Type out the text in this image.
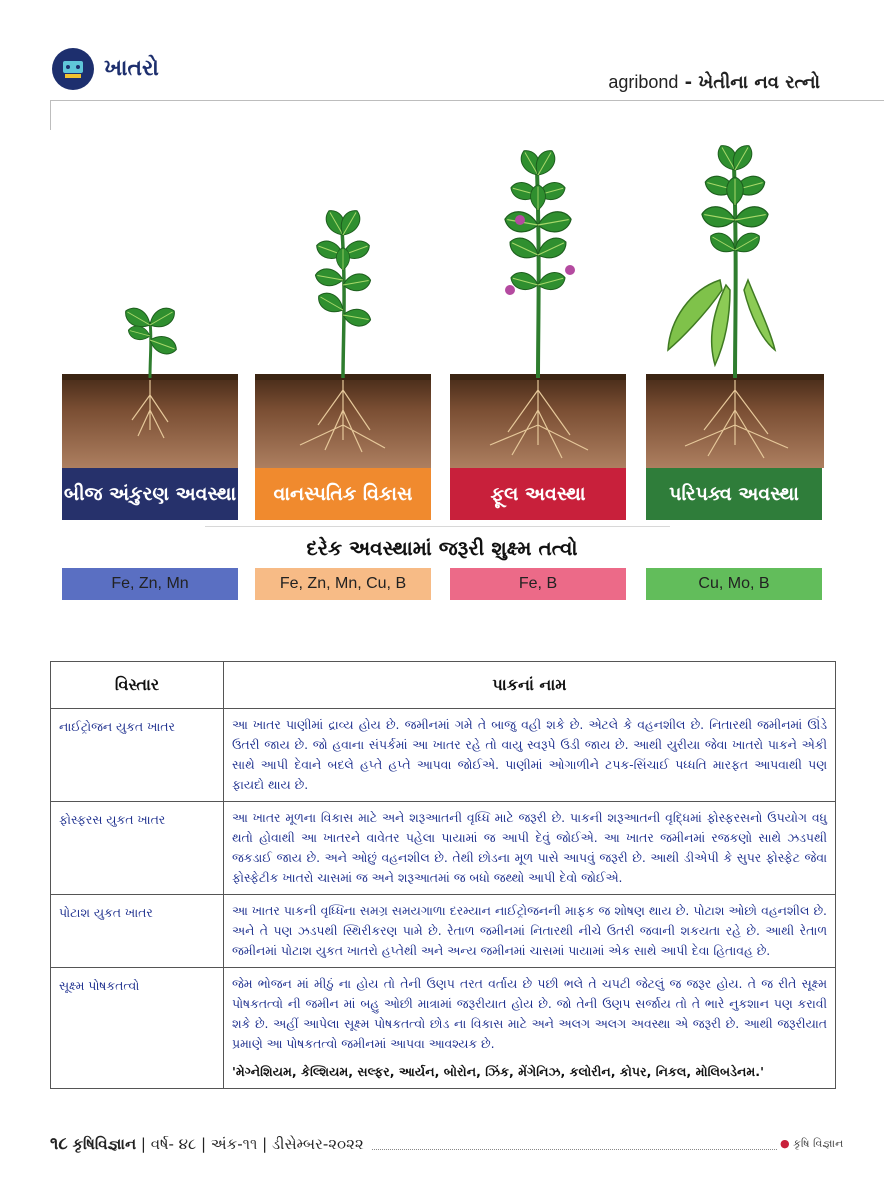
ખાતરો
agribond - ખેતીના નવ રત્નો
બીજ અંકુરણ અવસ્થા	વાનસ્પતિક વિકાસ	ફૂલ અવસ્થા	પરિપક્વ અવસ્થા
દરેક અવસ્થામાં જરૂરી શુક્ષ્મ તત્વો
Fe, Zn, Mn	Fe, Zn, Mn, Cu, B	Fe, B	Cu, Mo, B
વિસ્તાર	પાકનાં નામ
નાઈટ્રોજન યુકત ખાતર	આ ખાતર પાણીમાં દ્રાવ્ય હોય છે. જમીનમાં ગમે તે બાજુ વહી શકે છે. એટલે કે વહનશીલ છે. નિતારથી જમીનમાં ઊંડે ઉતરી જાય છે. જો હવાના સંપર્કમાં આ ખાતર રહે તો વાયુ સ્વરૂપે ઉડી જાય છે. આથી યુરીયા જેવા ખાતરો પાકને એકી સાથે આપી દેવાને બદલે હપ્તે હપ્તે આપવા જોઈએ. પાણીમાં ઓગાળીને ટપક-સિંચાઈ પધ્ધતિ મારફત આપવાથી પણ ફાયદો થાય છે.
ફોસ્ફરસ યુકત ખાતર	આ ખાતર મૂળના વિકાસ માટે અને શરૂઆતની વૃધ્ધિ માટે જરૂરી છે. પાકની શરૂઆતની વૃદ્ધિમાં ફોસ્ફરસનો ઉપયોગ વધુ થતો હોવાથી આ ખાતરને વાવેતર પહેલા પાયામાં જ આપી દેવું જોઈએ. આ ખાતર જમીનમાં રજકણો સાથે ઝડપથી જકડાઈ જાય છે. અને ઓછું વહનશીલ છે. તેથી છોડના મૂળ પાસે આપવું જરૂરી છે. આથી ડીએપી કે સુપર ફોસ્ફેટ જેવા ફોસ્ફેટીક ખાતરો ચાસમાં જ અને શરૂઆતમાં જ બધો જથ્થો આપી દેવો જોઈએ.
પોટાશ યુકત ખાતર	આ ખાતર પાકની વૃધ્ધિના સમગ્ર સમયગાળા દરમ્યાન નાઈટ્રોજનની માફક જ શોષણ થાય છે. પોટાશ ઓછો વહનશીલ છે. અને તે પણ ઝડપથી સ્થિરીકરણ પામે છે. રેતાળ જમીનમાં નિતારથી નીચે ઉતરી જવાની શકયતા રહે છે. આથી રેતાળ જમીનમાં પોટાશ યુકત ખાતરો હપ્તેથી અને અન્ય જમીનમાં ચાસમાં પાયામાં એક સાથે આપી દેવા હિતાવહ છે.
સૂક્ષ્મ પોષકતત્વો	જેમ ભોજન માં મીઠું ના હોય તો તેની ઉણપ તરત વર્તાય છે પછી ભલે તે ચપટી જેટલું જ જરૂર હોય. તે જ રીતે સૂક્ષ્મ પોષકતત્વો ની જમીન માં બહુ ઓછી માત્રામાં જરૂરીયાત હોય છે. જો તેની ઉણપ સર્જાય તો તે ભારે નુકશાન પણ કરાવી શકે છે. અહીં આપેલા સૂક્ષ્મ પોષકતત્વો છોડ ના વિકાસ માટે અને અલગ અલગ અવસ્થા એ જરૂરી છે. આથી જરૂરીયાત પ્રમાણે આ પોષકતત્વો જમીનમાં આપવા આવશ્યક છે.
'મેગ્નેશિયમ, કેલ્શિયમ, સલ્ફર, આર્યન, બોરોન, ઝિંક, મેંગેનિઝ, કલોરીન, કોપર, નિકલ, મોલિબડેનમ.'
૧૮ કૃષિવિજ્ઞાન | વર્ષ- ૪૮ | અંક-૧૧ | ડીસેમ્બર-૨૦૨૨	● કૃષિ વિજ્ઞાન
